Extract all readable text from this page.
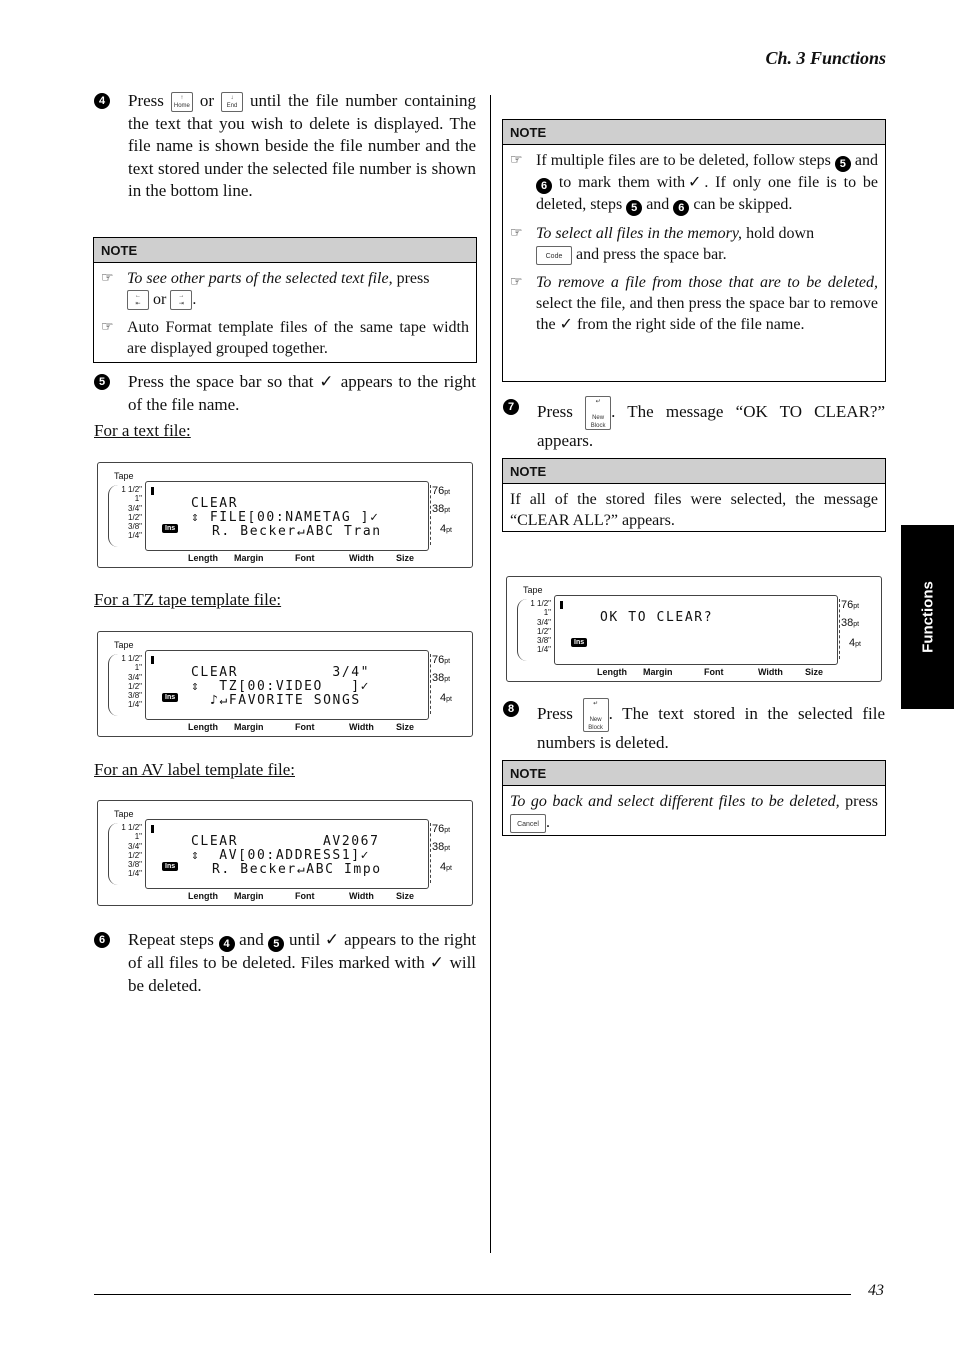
Ch. 3 Functions
Functions
43
4 Press	↑
Home or	↓
End until the file number containing the text that you wish to delete is displayed. The file name is shown beside the file number and the text stored under the selected file number is shown in the bottom line.
NOTE
☞ To see other parts of the selected text file, press
←
⇤ or →
⇥ .
☞ Auto Format template files of the same tape width are displayed grouped together.
5 Press the space bar so that ✓ appears to the right of the file name.
For a text file:
Tape
1 1/2"
1"
3/4"
1/2"
3/8"
1/4"
Ins
CLEAR
⇕ FILE[00:NAMETAG ]✓
R. Becker↵ABC Tran
76pt
38pt
4pt
Length Margin	Font	Width Size
For a TZ tape template file:
Tape
1 1/2"
1"
3/4"
1/2"
3/8"
1/4"
Ins
CLEAR          3/4"
⇕  TZ[00:VIDEO   ]✓
♪↵FAVORITE SONGS
76pt
38pt
4pt
Length Margin	Font	Width Size
For an AV label template file:
Tape
1 1/2"
1"
3/4"
1/2"
3/8"
1/4"
Ins
CLEAR         AV2067
⇕  AV[00:ADDRESS1]✓
R. Becker↵ABC Impo
76pt
38pt
4pt
Length Margin	Font	Width Size
6 Repeat steps 4 and 5 until ✓ appears to the right of all files to be deleted. Files marked with ✓ will be deleted.
NOTE
☞ If multiple files are to be deleted, follow steps 5 and 6 to mark them with✓. If only one file is to be deleted, steps 5 and 6 can be skipped.
☞ To select all files in the memory, hold down
Code and press the space bar.
☞ To remove a file from those that are to be deleted, select the file, and then press the space bar to remove the ✓ from the right side of the file name.
7 Press	↵

New
Block. The message “OK TO CLEAR?” appears.
NOTE
If all of the stored files were selected, the message “CLEAR ALL?” appears.
Tape
1 1/2"
1"
3/4"
1/2"
3/8"
1/4"
Ins
OK TO CLEAR?
76pt
38pt
4pt
Length Margin	Font	Width Size
8 Press	↵

New
Block. The text stored in the selected file numbers is deleted.
NOTE
To go back and select different files to be deleted, press Cancel .
